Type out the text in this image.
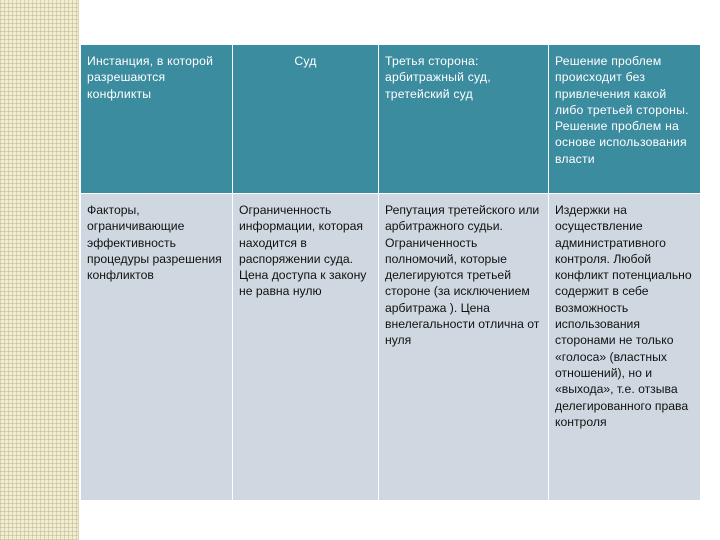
Инстанция, в которой разрешаются конфликты	Суд	Третья сторона: арбитражный суд, третейский суд	Решение проблем происходит без привлечения какой либо третьей стороны. Решение проблем на основе использования власти
Факторы, ограничивающие эффективность процедуры разрешения конфликтов	Ограниченность информации, которая находится в распоряжении суда. Цена доступа к закону не равна нулю	Репутация третейского или арбитражного судьи. Ограниченность полномочий, которые делегируются третьей стороне (за исключением арбитража ). Цена внелегальности отлична от нуля	Издержки на осуществление административного контроля. Любой конфликт потенциально содержит в себе возможность использования сторонами не только «голоса» (властных отношений), но и «выхода», т.е. отзыва делегированного права контроля
